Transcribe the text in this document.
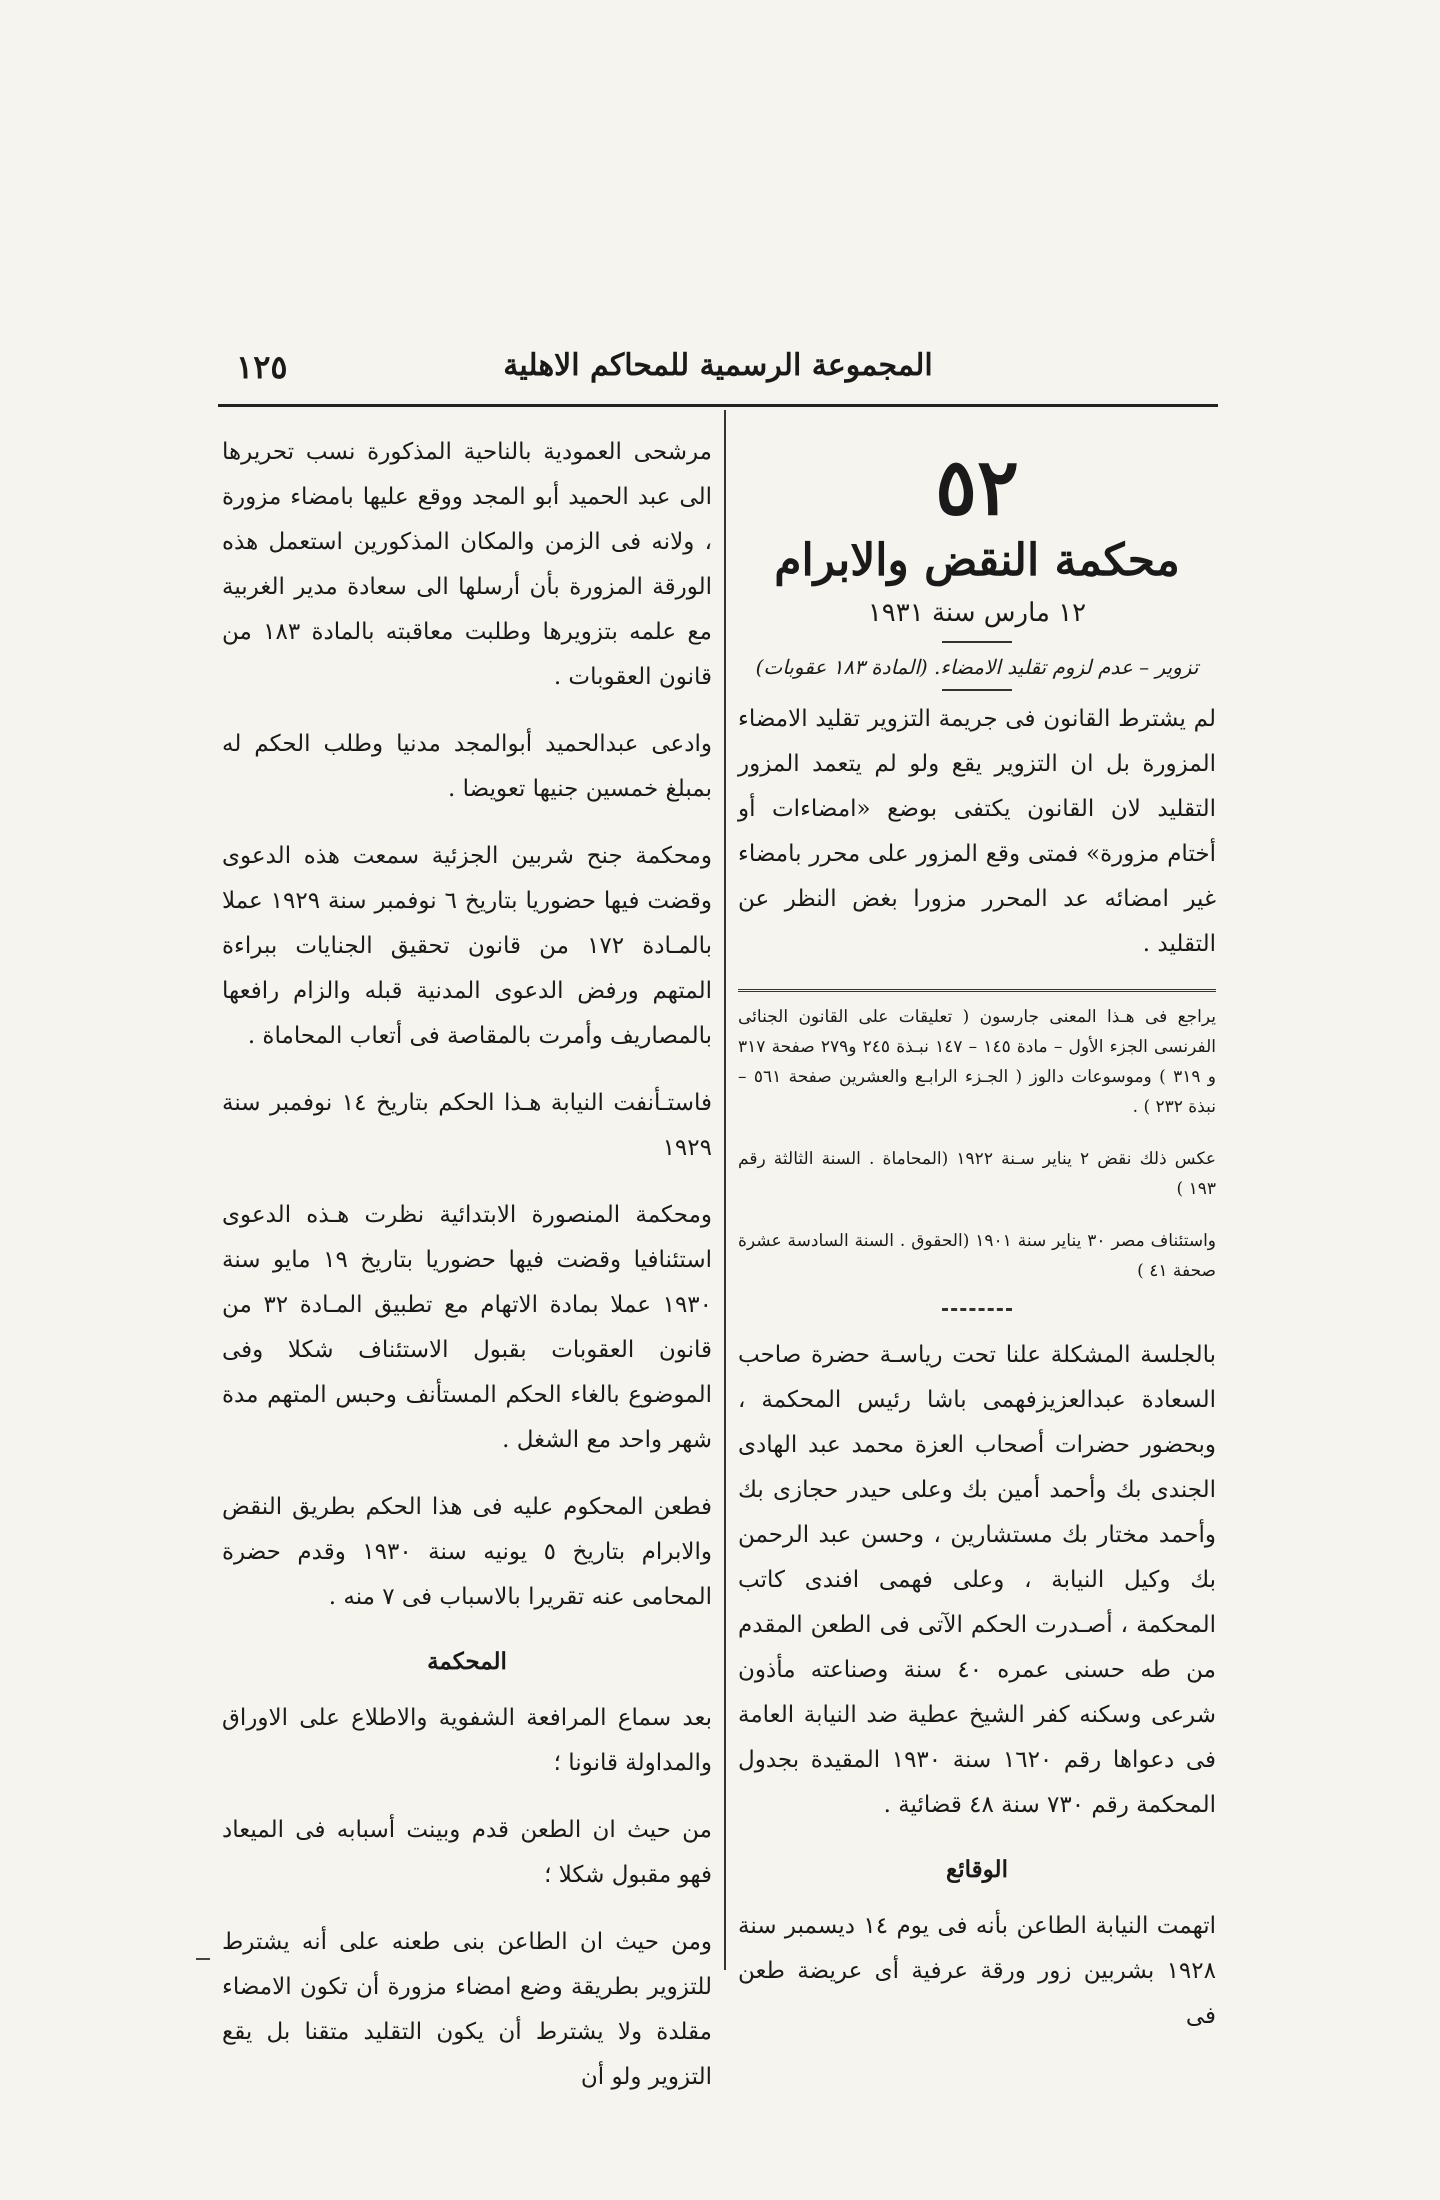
المجموعة الرسمية للمحاكم الاهلية
١٢٥
٥٢
محكمة النقض والابرام
١٢ مارس سنة ١٩٣١
تزوير – عدم لزوم تقليد الامضاء. (المادة ١٨٣ عقوبات)

لم يشترط القانون فى جريمة التزوير تقليد الامضاء المزورة بل ان التزوير يقع ولو لم يتعمد المزور التقليد لان القانون يكتفى بوضع «امضاءات أو أختام مزورة» فمتى وقع المزور على محرر بامضاء غير امضائه عد المحرر مزورا بغض النظر عن التقليد .

يراجع فى هـذا المعنى جارسون ( تعليقات على القانون الجنائى الفرنسى الجزء الأول – مادة ١٤٥ – ١٤٧ نبـذة ٢٤٥ و٢٧٩ صفحة ٣١٧ و ٣١٩ ) وموسوعات دالوز ( الجـزء الرابـع والعشرين صفحة ٥٦١ – نبذة ٢٣٢ ) .

عكس ذلك نقض ٢ يناير سـنة ١٩٢٢ (المحاماة . السنة الثالثة رقم ١٩٣ )

واستئناف مصر ٣٠ يناير سنة ١٩٠١ (الحقوق . السنة السادسة عشرة صحفة ٤١ )

بالجلسة المشكلة علنا تحت رياسـة حضرة صاحب السعادة عبدالعزيزفهمى باشا رئيس المحكمة ، وبحضور حضرات أصحاب العزة محمد عبد الهادى الجندى بك وأحمد أمين بك وعلى حيدر حجازى بك وأحمد مختار بك مستشارين ، وحسن عبد الرحمن بك وكيل النيابة ، وعلى فهمى افندى كاتب المحكمة ، أصـدرت الحكم الآتى فى الطعن المقدم من طه حسنى عمره ٤٠ سنة وصناعته مأذون شرعى وسكنه كفر الشيخ عطية ضد النيابة العامة فى دعواها رقم ١٦٢٠ سنة ١٩٣٠ المقيدة بجدول المحكمة رقم ٧٣٠ سنة ٤٨ قضائية .

الوقائع

اتهمت النيابة الطاعن بأنه فى يوم ١٤ ديسمبر سنة ١٩٢٨ بشربين زور ورقة عرفية أى عريضة طعن فى

مرشحى العمودية بالناحية المذكورة نسب تحريرها الى عبد الحميد أبو المجد ووقع عليها بامضاء مزورة ، ولانه فى الزمن والمكان المذكورين استعمل هذه الورقة المزورة بأن أرسلها الى سعادة مدير الغربية مع علمه بتزويرها وطلبت معاقبته بالمادة ١٨٣ من قانون العقوبات .

وادعى عبدالحميد أبوالمجد مدنيا وطلب الحكم له بمبلغ خمسين جنيها تعويضا .

ومحكمة جنح شربين الجزئية سمعت هذه الدعوى وقضت فيها حضوريا بتاريخ ٦ نوفمبر سنة ١٩٢٩ عملا بالمـادة ١٧٢ من قانون تحقيق الجنايات ببراءة المتهم ورفض الدعوى المدنية قبله والزام رافعها بالمصاريف وأمرت بالمقاصة فى أتعاب المحاماة .

فاستـأنفت النيابة هـذا الحكم بتاريخ ١٤ نوفمبر سنة ١٩٢٩

ومحكمة المنصورة الابتدائية نظرت هـذه الدعوى استئنافيا وقضت فيها حضوريا بتاريخ ١٩ مايو سنة ١٩٣٠ عملا بمادة الاتهام مع تطبيق المـادة ٣٢ من قانون العقوبات بقبول الاستئناف شكلا وفى الموضوع بالغاء الحكم المستأنف وحبس المتهم مدة شهر واحد مع الشغل .

فطعن المحكوم عليه فى هذا الحكم بطريق النقض والابرام بتاريخ ٥ يونيه سنة ١٩٣٠ وقدم حضرة المحامى عنه تقريرا بالاسباب فى ٧ منه .

المحكمة

بعد سماع المرافعة الشفوية والاطلاع على الاوراق والمداولة قانونا ؛

من حيث ان الطعن قدم وبينت أسبابه فى الميعاد فهو مقبول شكلا ؛

ومن حيث ان الطاعن بنى طعنه على أنه يشترط للتزوير بطريقة وضع امضاء مزورة أن تكون الامضاء مقلدة ولا يشترط أن يكون التقليد متقنا بل يقع التزوير ولو أن
